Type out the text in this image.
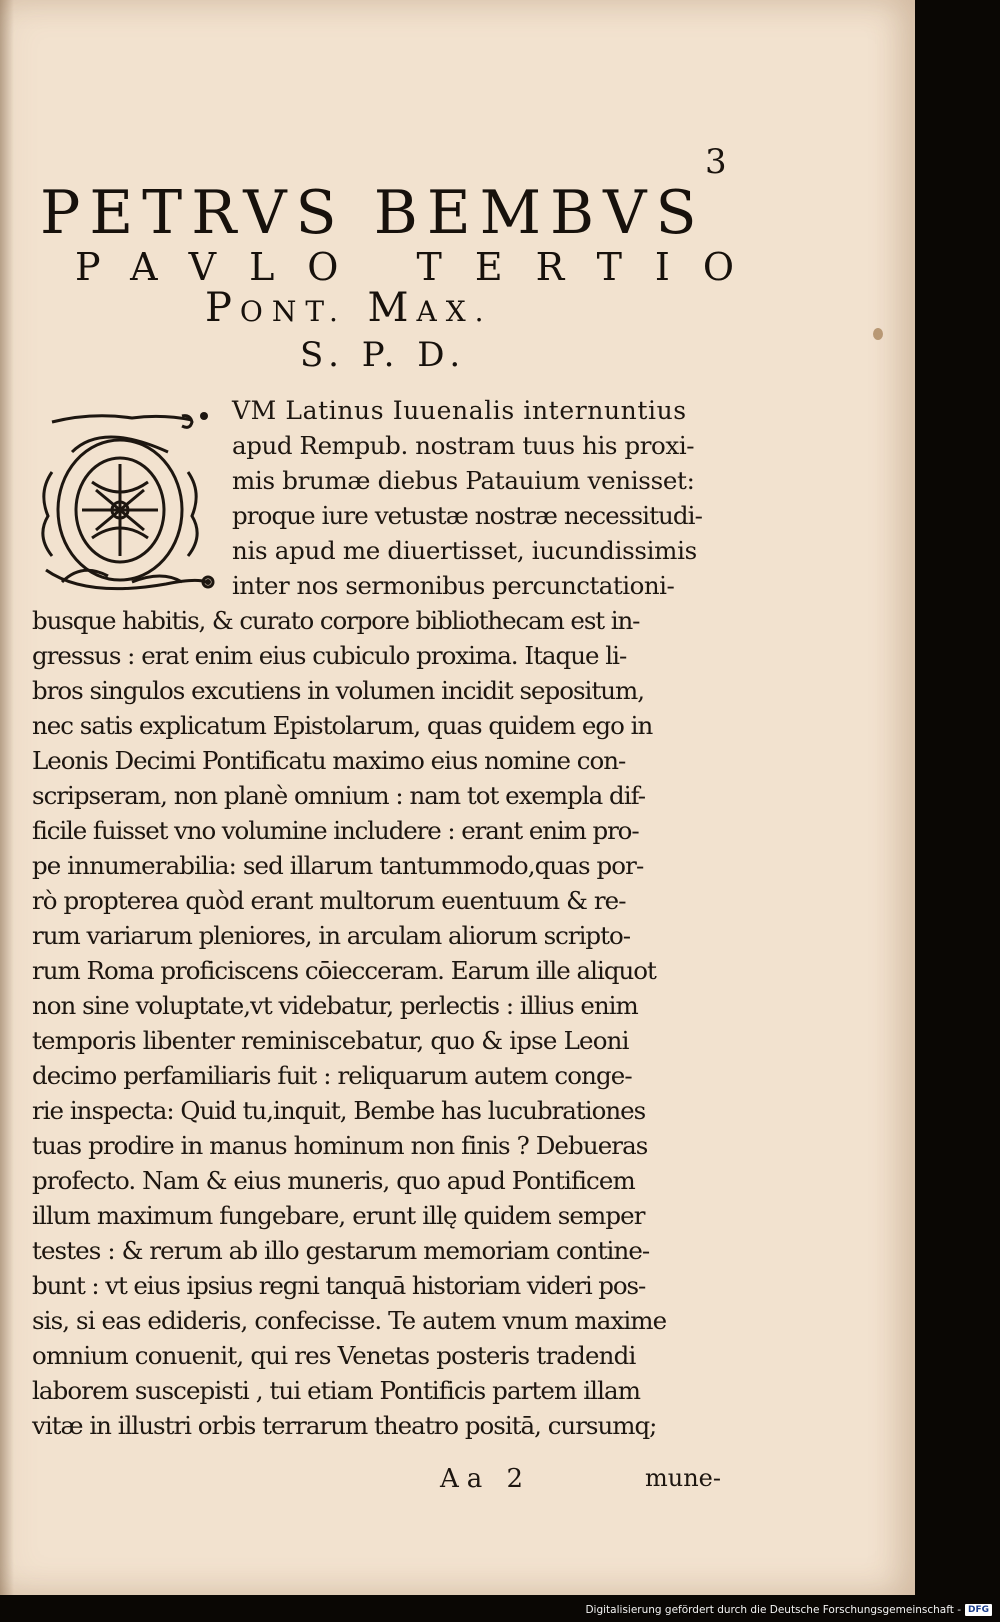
3
PETRVS BEMBVS
PAVLO TERTIO
PONT. MAX.
S. P. D.
VM Latinus Iuuenalis internuntius
apud Rempub. nostram tuus his proxi-
mis brumæ diebus Patauium venisset:
proque iure vetustæ nostræ necessitudi-
nis apud me diuertisset, iucundissimis
inter nos sermonibus percunctationi-
busque habitis, & curato corpore bibliothecam est in-
gressus : erat enim eius cubiculo proxima. Itaque li-
bros singulos excutiens in volumen incidit sepositum,
nec satis explicatum Epistolarum, quas quidem ego in
Leonis Decimi Pontificatu maximo eius nomine con-
scripseram, non planè omnium : nam tot exempla dif-
ficile fuisset vno volumine includere : erant enim pro-
pe innumerabilia: sed illarum tantummodo,quas por-
rò propterea quòd erant multorum euentuum & re-
rum variarum pleniores, in arculam aliorum scripto-
rum Roma proficiscens cōiecceram. Earum ille aliquot
non sine voluptate,vt videbatur, perlectis : illius enim
temporis libenter reminiscebatur, quo & ipse Leoni
decimo perfamiliaris fuit : reliquarum autem conge-
rie inspecta: Quid tu,inquit, Bembe has lucubrationes
tuas prodire in manus hominum non finis ? Debueras
profecto. Nam & eius muneris, quo apud Pontificem
illum maximum fungebare, erunt illę quidem semper
testes : & rerum ab illo gestarum memoriam contine-
bunt : vt eius ipsius regni tanquā historiam videri pos-
sis, si eas edideris, confecisse. Te autem vnum maxime
omnium conuenit, qui res Venetas posteris tradendi
laborem suscepisti , tui etiam Pontificis partem illam
vitæ in illustri orbis terrarum theatro positā, cursumq;
Aa 2	mune-
Digitalisierung gefördert durch die Deutsche Forschungsgemeinschaft - DFG
